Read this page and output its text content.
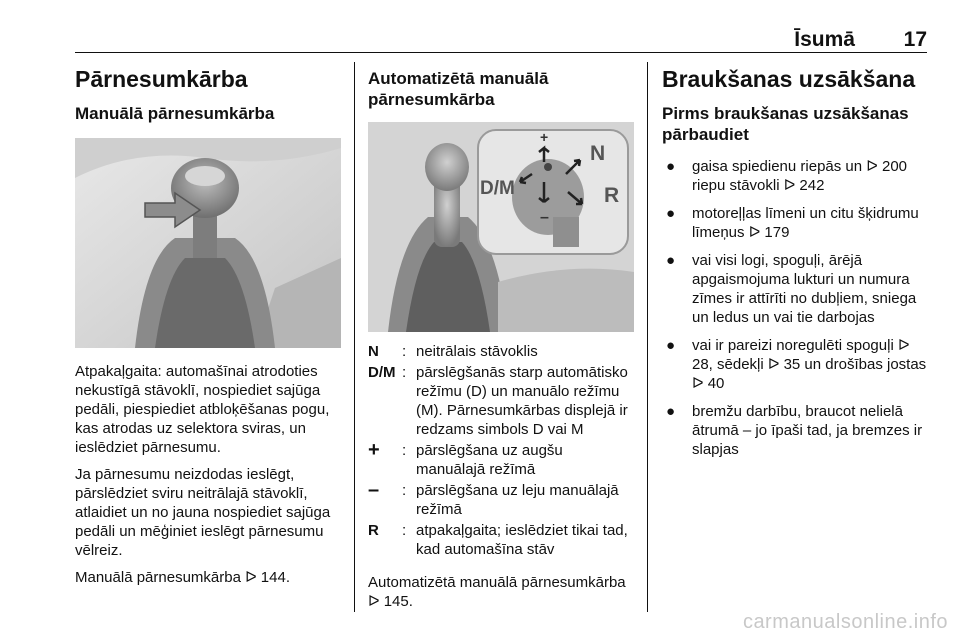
Īsumā 17
Pārnesumkārba
Manuālā pārnesumkārba

Atpakaļgaita: automašīnai atrodoties nekustīgā stāvoklī, nospiediet sajūga pedāli, piespiediet atbloķēšanas pogu, kas atrodas uz selektora sviras, un ieslēdziet pārnesumu.

Ja pārnesumu neizdodas ieslēgt, pārslēdziet sviru neitrālajā stāvoklī, atlaidiet un no jauna nospiediet sajūga pedāli un mēģiniet ieslēgt pārnesumu vēlreiz.

Manuālā pārnesumkārba ᐅ 144.

Automatizētā manuālā pārnesumkārba
D/M
N
R
+
–
N	: neitrālais stāvoklis
D/M : pārslēgšanās starp automātisko režīmu (D) un manuālo režīmu (M). Pārnesumkārbas displejā ir redzams simbols D vai M
+	: pārslēgšana uz augšu manuālajā režīmā
–	: pārslēgšana uz leju manuālajā režīmā
R	: atpakaļgaita; ieslēdziet tikai tad, kad automašīna stāv

Automatizētā manuālā pārnesumkārba ᐅ 145.

Braukšanas uzsākšana
Pirms braukšanas uzsākšanas pārbaudiet
●	gaisa spiedienu riepās un ᐅ 200 riepu stāvokli ᐅ 242
●	motoreļļas līmeni un citu šķidrumu līmeņus ᐅ 179
●	vai visi logi, spoguļi, ārējā apgaismojuma lukturi un numura zīmes ir attīrīti no dubļiem, sniega un ledus un vai tie darbojas
●	vai ir pareizi noregulēti spoguļi ᐅ 28, sēdekļi ᐅ 35 un drošības jostas ᐅ 40
●	bremžu darbību, braucot nelielā ātrumā – jo īpaši tad, ja bremzes ir slapjas
carmanualsonline.info
